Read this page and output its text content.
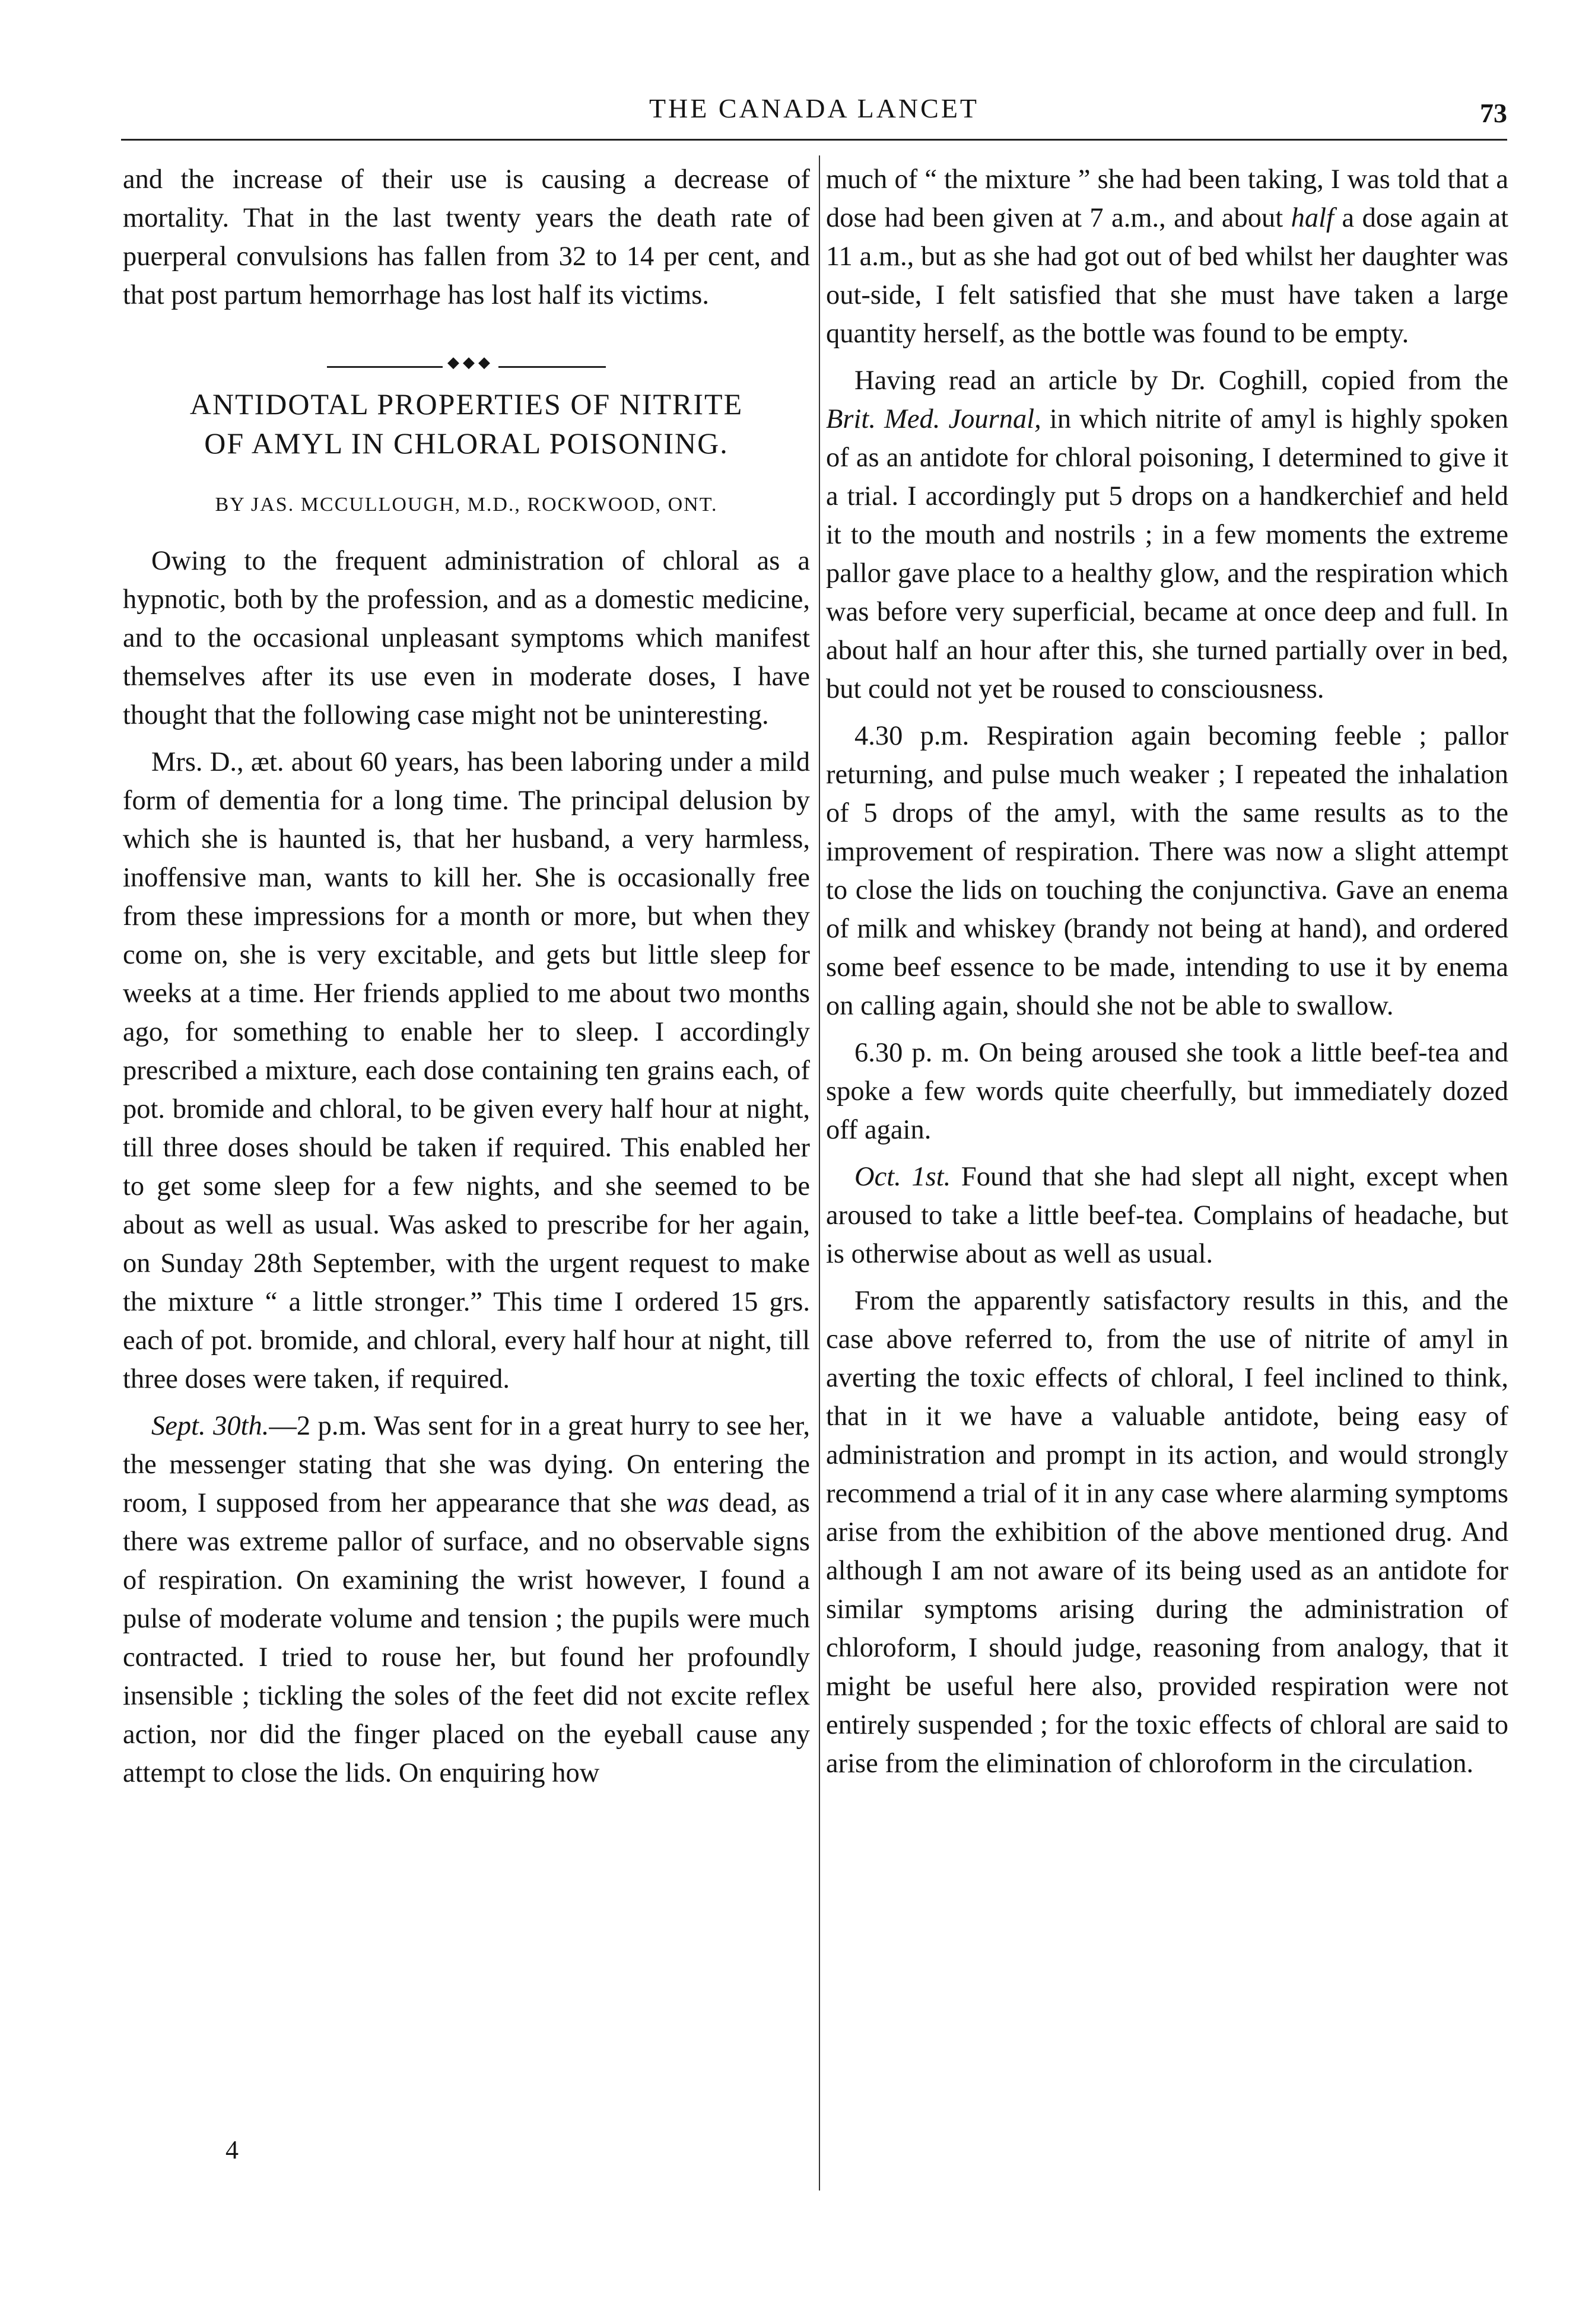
THE CANADA LANCET	73

and the increase of their use is causing a decrease of mortality. That in the last twenty years the death rate of puerperal convulsions has fallen from 32 to 14 per cent, and that post partum hemorrhage has lost half its victims.

◆◆◆
ANTIDOTAL PROPERTIES OF NITRITE
OF AMYL IN CHLORAL POISONING.
BY JAS. MCCULLOUGH, M.D., ROCKWOOD, ONT.

Owing to the frequent administration of chloral as a hypnotic, both by the profession, and as a domestic medicine, and to the occasional unpleasant symptoms which manifest themselves after its use even in moderate doses, I have thought that the following case might not be uninteresting.

Mrs. D., æt. about 60 years, has been laboring under a mild form of dementia for a long time. The principal delusion by which she is haunted is, that her husband, a very harmless, inoffensive man, wants to kill her. She is occasionally free from these impressions for a month or more, but when they come on, she is very excitable, and gets but little sleep for weeks at a time. Her friends applied to me about two months ago, for something to enable her to sleep. I accordingly prescribed a mixture, each dose containing ten grains each, of pot. bromide and chloral, to be given every half hour at night, till three doses should be taken if required. This enabled her to get some sleep for a few nights, and she seemed to be about as well as usual. Was asked to prescribe for her again, on Sunday 28th September, with the urgent request to make the mixture “ a little stronger.” This time I ordered 15 grs. each of pot. bromide, and chloral, every half hour at night, till three doses were taken, if required.

Sept. 30th.—2 p.m. Was sent for in a great hurry to see her, the messenger stating that she was dying. On entering the room, I supposed from her appearance that she was dead, as there was extreme pallor of surface, and no observable signs of respiration. On examining the wrist however, I found a pulse of moderate volume and tension ; the pupils were much contracted. I tried to rouse her, but found her profoundly insensible ; tickling the soles of the feet did not excite reflex action, nor did the finger placed on the eyeball cause any attempt to close the lids. On enquiring how

4

much of “ the mixture ” she had been taking, I was told that a dose had been given at 7 a.m., and about half a dose again at 11 a.m., but as she had got out of bed whilst her daughter was out-side, I felt satisfied that she must have taken a large quantity herself, as the bottle was found to be empty.

Having read an article by Dr. Coghill, copied from the Brit. Med. Journal, in which nitrite of amyl is highly spoken of as an antidote for chloral poisoning, I determined to give it a trial. I accordingly put 5 drops on a handkerchief and held it to the mouth and nostrils ; in a few moments the extreme pallor gave place to a healthy glow, and the respiration which was before very superficial, became at once deep and full. In about half an hour after this, she turned partially over in bed, but could not yet be roused to consciousness.

4.30 p.m. Respiration again becoming feeble ; pallor returning, and pulse much weaker ; I repeated the inhalation of 5 drops of the amyl, with the same results as to the improvement of respiration. There was now a slight attempt to close the lids on touching the conjunctiva. Gave an enema of milk and whiskey (brandy not being at hand), and ordered some beef essence to be made, intending to use it by enema on calling again, should she not be able to swallow.

6.30 p. m. On being aroused she took a little beef-tea and spoke a few words quite cheerfully, but immediately dozed off again.

Oct. 1st. Found that she had slept all night, except when aroused to take a little beef-tea. Complains of headache, but is otherwise about as well as usual.

From the apparently satisfactory results in this, and the case above referred to, from the use of nitrite of amyl in averting the toxic effects of chloral, I feel inclined to think, that in it we have a valuable antidote, being easy of administration and prompt in its action, and would strongly recommend a trial of it in any case where alarming symptoms arise from the exhibition of the above mentioned drug. And although I am not aware of its being used as an antidote for similar symptoms arising during the administration of chloroform, I should judge, reasoning from analogy, that it might be useful here also, provided respiration were not entirely suspended ; for the toxic effects of chloral are said to arise from the elimination of chloroform in the circulation.
